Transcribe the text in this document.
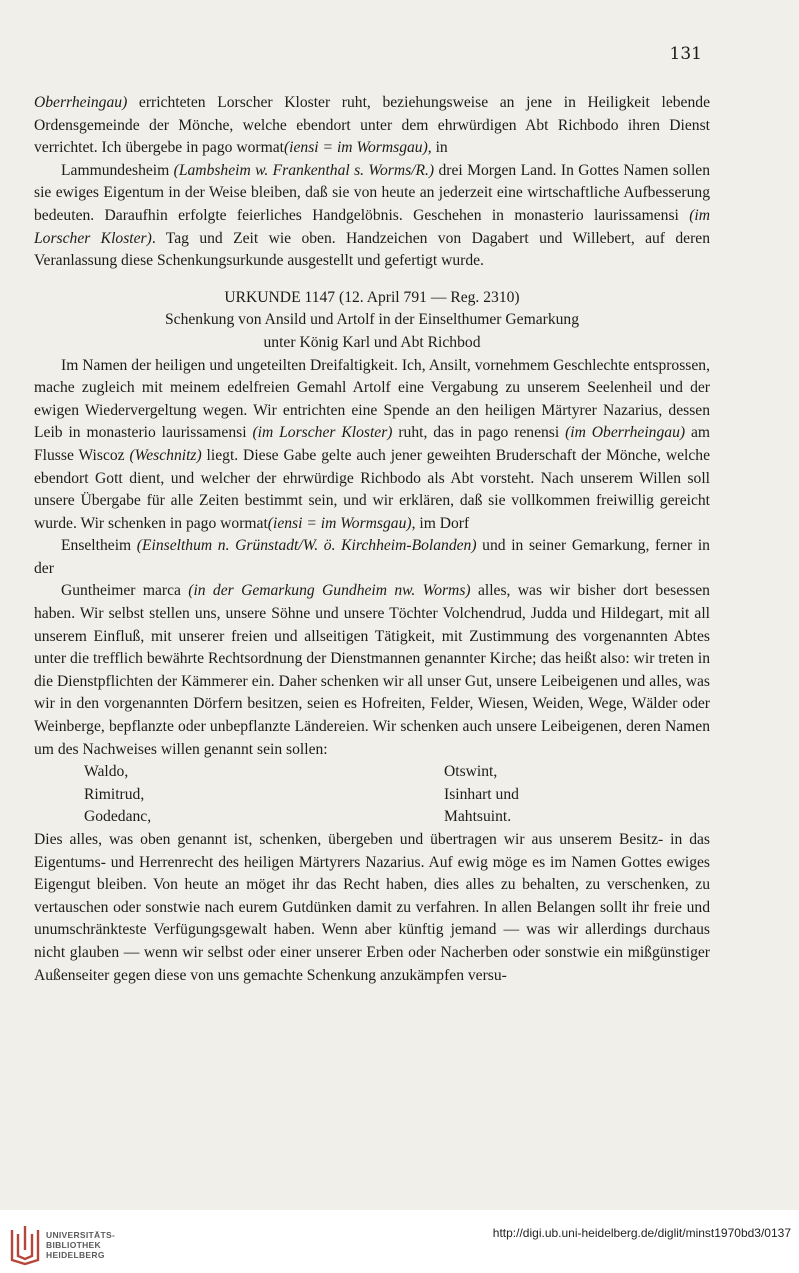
131

Oberrheingau) errichteten Lorscher Kloster ruht, beziehungsweise an jene in Heiligkeit lebende Ordensgemeinde der Mönche, welche ebendort unter dem ehrwürdigen Abt Richbodo ihren Dienst verrichtet. Ich übergebe in pago wormat(iensi = im Wormsgau), in

Lammundesheim (Lambsheim w. Frankenthal s. Worms/R.) drei Morgen Land. In Gottes Namen sollen sie ewiges Eigentum in der Weise bleiben, daß sie von heute an jederzeit eine wirtschaftliche Aufbesserung bedeuten. Daraufhin erfolgte feierliches Handgelöbnis. Geschehen in monasterio laurissamensi (im Lorscher Kloster). Tag und Zeit wie oben. Handzeichen von Dagabert und Willebert, auf deren Veranlassung diese Schenkungsurkunde ausgestellt und gefertigt wurde.

URKUNDE 1147 (12. April 791 — Reg. 2310)

Schenkung von Ansild und Artolf in der Einselthumer Gemarkung

unter König Karl und Abt Richbod

Im Namen der heiligen und ungeteilten Dreifaltigkeit. Ich, Ansilt, vornehmem Geschlechte entsprossen, mache zugleich mit meinem edelfreien Gemahl Artolf eine Vergabung zu unserem Seelenheil und der ewigen Wiedervergeltung wegen. Wir entrichten eine Spende an den heiligen Märtyrer Nazarius, dessen Leib in monasterio laurissamensi (im Lorscher Kloster) ruht, das in pago renensi (im Oberrheingau) am Flusse Wiscoz (Weschnitz) liegt. Diese Gabe gelte auch jener geweihten Bruderschaft der Mönche, welche ebendort Gott dient, und welcher der ehrwürdige Richbodo als Abt vorsteht. Nach unserem Willen soll unsere Übergabe für alle Zeiten bestimmt sein, und wir erklären, daß sie vollkommen freiwillig gereicht wurde. Wir schenken in pago wormat(iensi = im Wormsgau), im Dorf

Enseltheim (Einselthum n. Grünstadt/W. ö. Kirchheim-Bolanden) und in seiner Gemarkung, ferner in der

Guntheimer marca (in der Gemarkung Gundheim nw. Worms) alles, was wir bisher dort besessen haben. Wir selbst stellen uns, unsere Söhne und unsere Töchter Volchendrud, Judda und Hildegart, mit all unserem Einfluß, mit unserer freien und allseitigen Tätigkeit, mit Zustimmung des vorgenannten Abtes unter die trefflich bewährte Rechtsordnung der Dienstmannen genannter Kirche; das heißt also: wir treten in die Dienstpflichten der Kämmerer ein. Daher schenken wir all unser Gut, unsere Leibeigenen und alles, was wir in den vorgenannten Dörfern besitzen, seien es Hofreiten, Felder, Wiesen, Weiden, Wege, Wälder oder Weinberge, bepflanzte oder unbepflanzte Ländereien. Wir schenken auch unsere Leibeigenen, deren Namen um des Nachweises willen genannt sein sollen:

Waldo,	Otswint,
Rimitrud,	Isinhart und
Godedanc,	Mahtsuint.

Dies alles, was oben genannt ist, schenken, übergeben und übertragen wir aus unserem Besitz- in das Eigentums- und Herrenrecht des heiligen Märtyrers Nazarius. Auf ewig möge es im Namen Gottes ewiges Eigengut bleiben. Von heute an möget ihr das Recht haben, dies alles zu behalten, zu verschenken, zu vertauschen oder sonstwie nach eurem Gutdünken damit zu verfahren. In allen Belangen sollt ihr freie und unumschränkteste Verfügungsgewalt haben. Wenn aber künftig jemand — was wir allerdings durchaus nicht glauben — wenn wir selbst oder einer unserer Erben oder Nacherben oder sonstwie ein mißgünstiger Außenseiter gegen diese von uns gemachte Schenkung anzukämpfen versu-

UNIVERSITÄTS-
BIBLIOTHEK
HEIDELBERG
http://digi.ub.uni-heidelberg.de/diglit/minst1970bd3/0137
